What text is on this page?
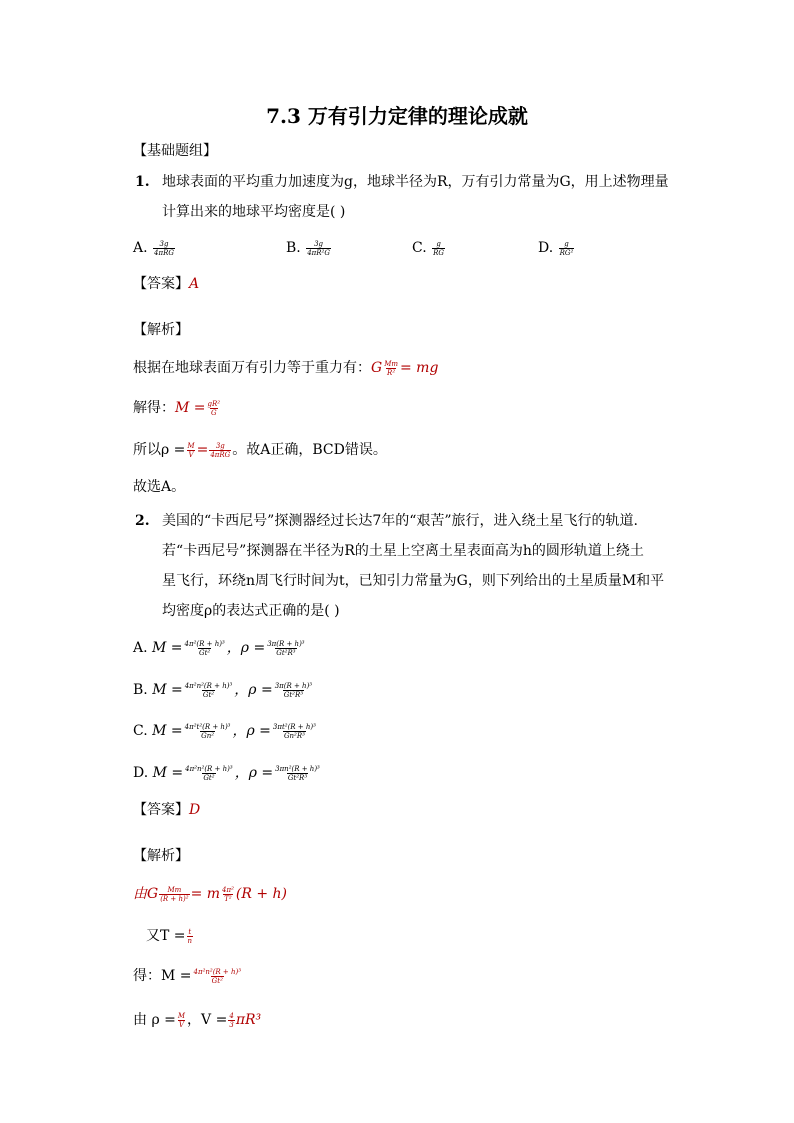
7.3 万有引力定律的理论成就
【基础题组】
1. 地球表面的平均重力加速度为g，地球半径为R，万有引力常量为G，用上述物理量
计算出来的地球平均密度是( )
A. $\frac{3g}{\text{4πRG}}$	B. $\frac{3g}{\text{4πR²G}}$	C. $\frac{g}{RG}$	D. $\frac{g}{\text{RG²}}$
【答案】A
【解析】
根据在地球表面万有引力等于重力有：G $\frac{Mm}{\text{R²}}$ = mg
解得：$M = \frac{\text{gR²}}{G}$
所以$\rho = \frac{M}{V} = \frac{3g}{\text{4πRG}}$ 。故A正确，BCD错误。
故选A。
2. 美国的“卡西尼号”探测器经过长达7年的“艰苦”旅行，进入绕土星飞行的轨道.
若“卡西尼号”探测器在半径为R的土星上空离土星表面高为h的圆形轨道上绕土
星飞行，环绕n周飞行时间为t，已知引力常量为G，则下列给出的土星质量M和平
均密度ρ的表达式正确的是( )
A. $M = \frac{\text{4π²(R + h)³}}{\text{Gt²}}$ ，$\rho = \frac{\text{3π(R + h)³}}{\text{Gt²R³}}$
B. $M = \frac{\text{4π²n²(R + h)³}}{\text{Gt²}}$ ，$\rho = \frac{\text{3π(R + h)³}}{\text{Gt²R³}}$
C. $M = \frac{\text{4π²t²(R + h)³}}{\text{Gn²}}$ ，$\rho = \frac{\text{3πt²(R + h)³}}{\text{Gn²R³}}$
D. $M = \frac{\text{4π²n²(R + h)³}}{\text{Gt²}}$ ，$\rho = \frac{\text{3πn²(R + h)³}}{\text{Gt²R³}}$
【答案】D
【解析】
由G $\frac{Mm}{\text{(R + h)²}} = m \frac{\text{4π²}}{\text{T²}} (R + h)$
又$T = \frac{t}{n}$
得：$M = \frac{\text{4π²n²(R + h)³}}{\text{Gt²}}$
由 $\rho = \frac{M}{V}$ ，$V = \frac{4}{3} \pi R^3$
